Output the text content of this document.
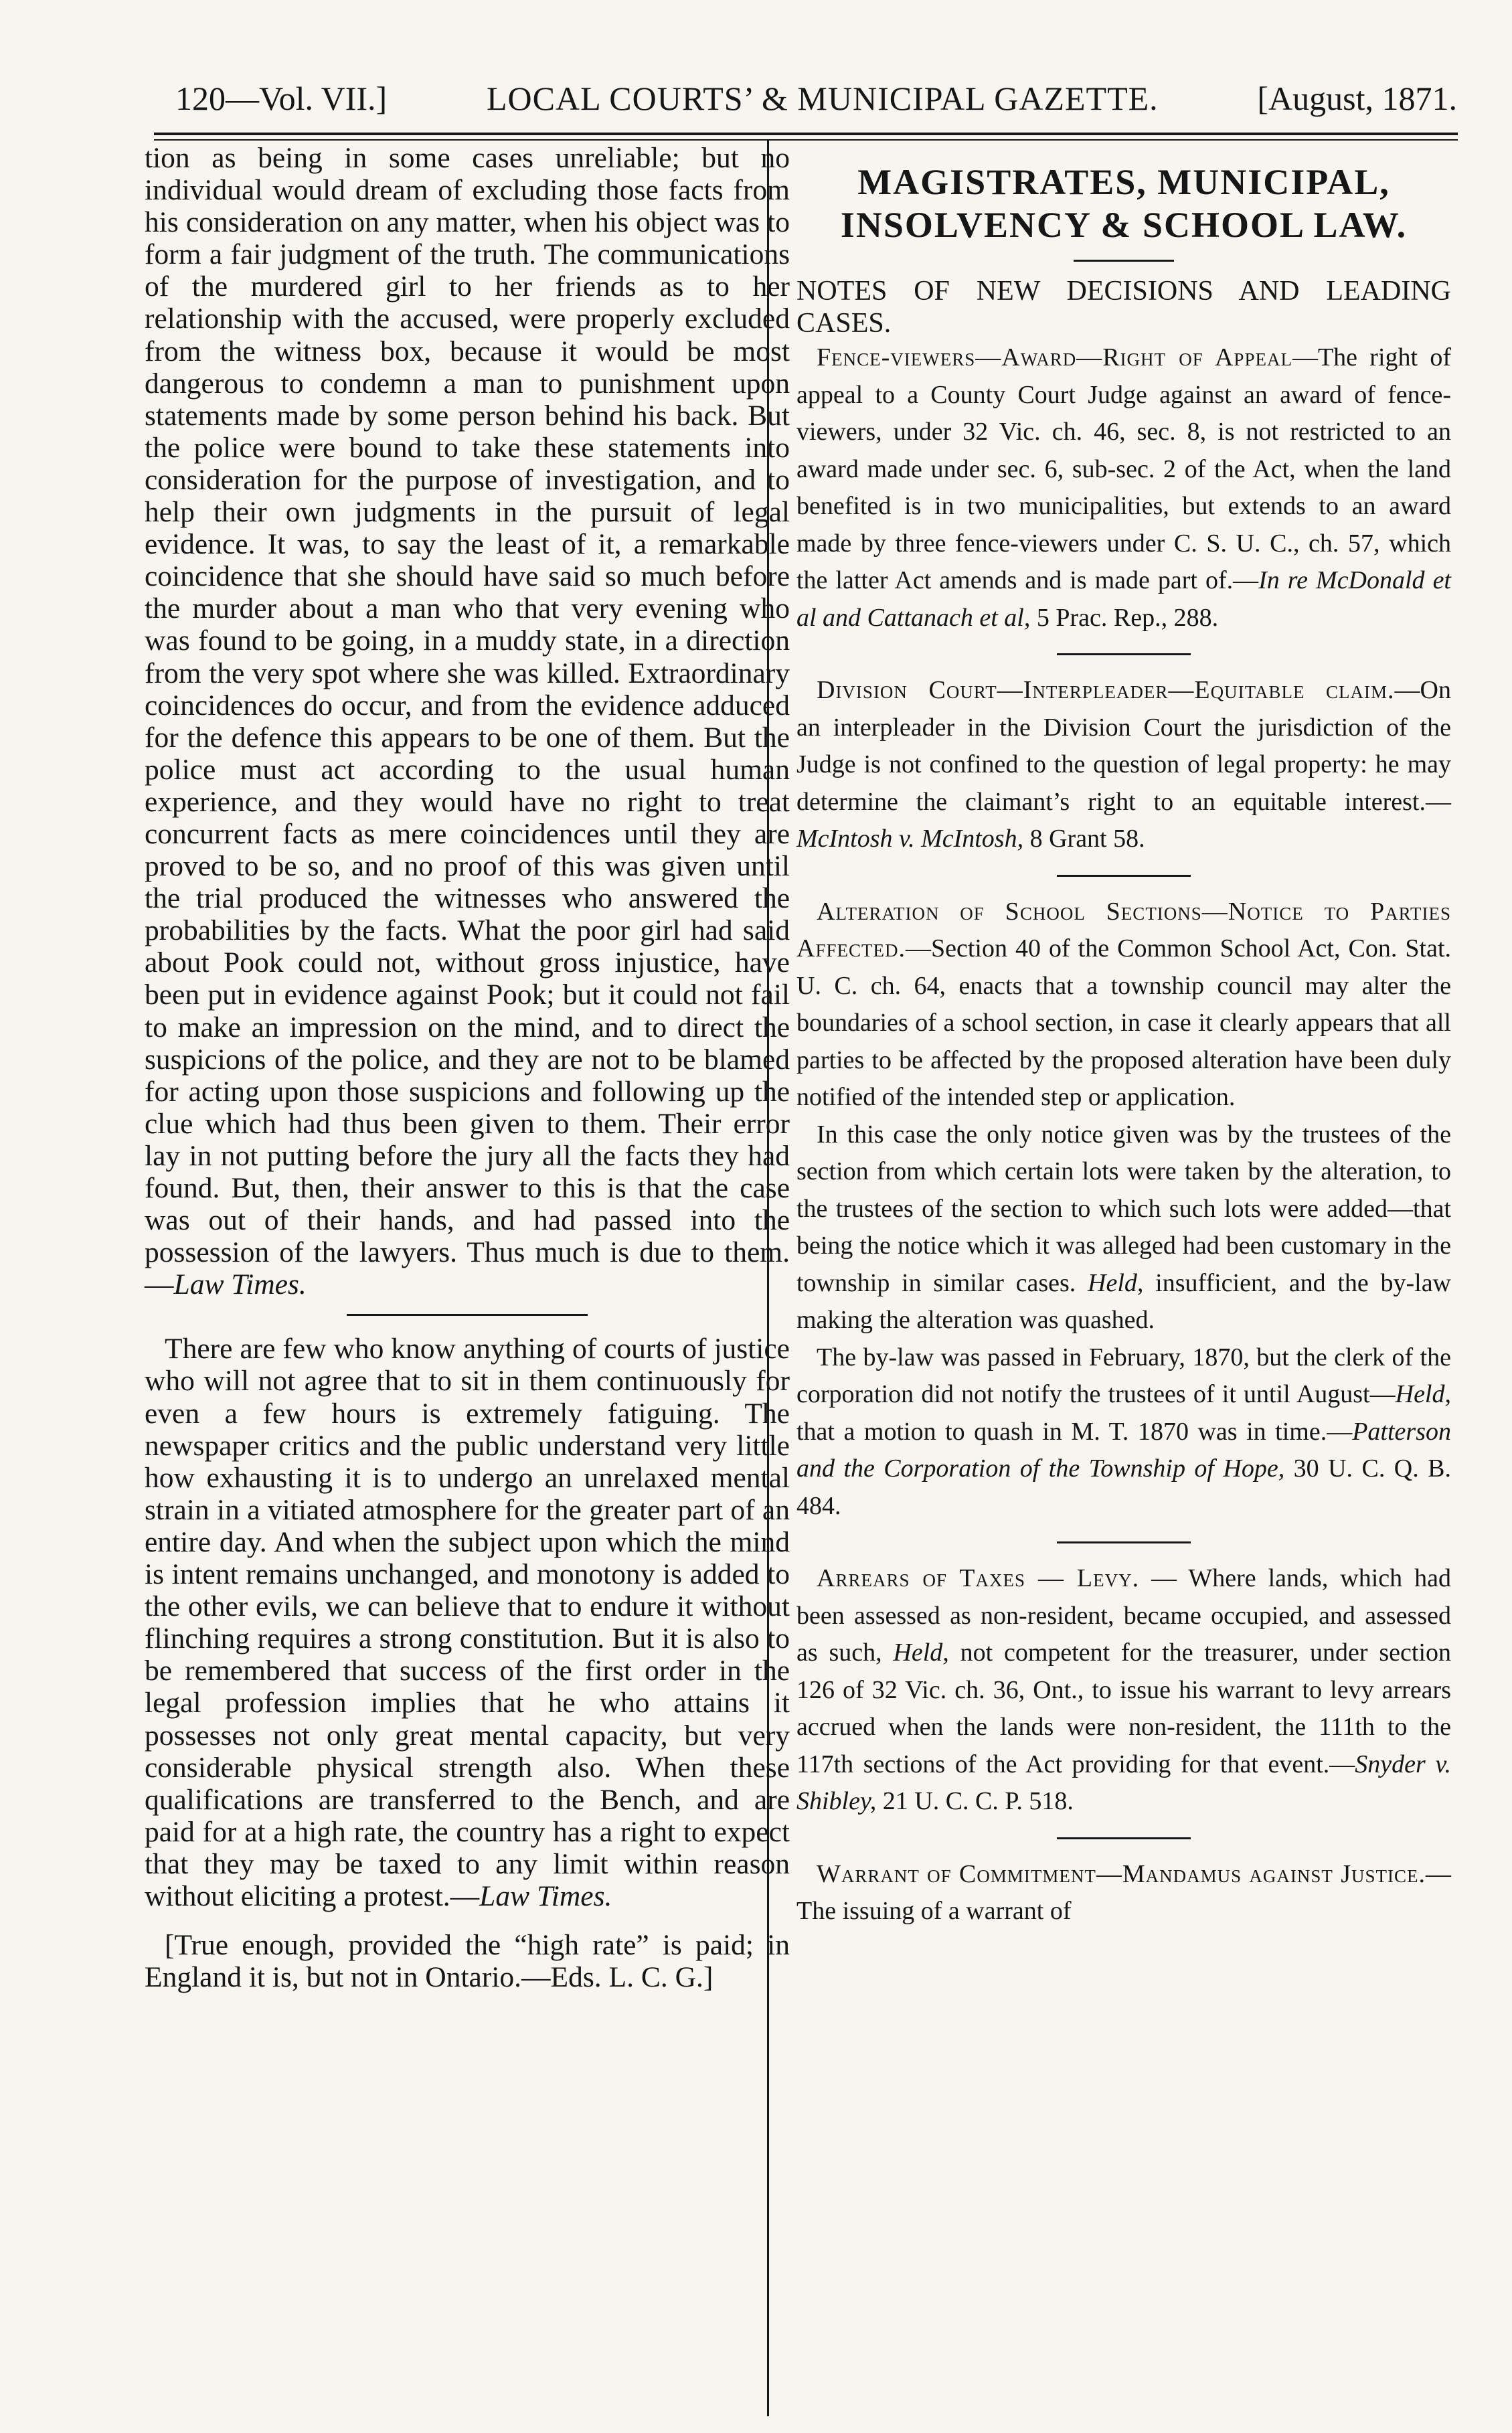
120—Vol. VII.]	LOCAL COURTS’ & MUNICIPAL GAZETTE.	[August, 1871.

tion as being in some cases unreliable; but no individual would dream of excluding those facts from his consideration on any matter, when his object was to form a fair judgment of the truth. The communications of the murdered girl to her friends as to her relationship with the accused, were properly excluded from the witness box, because it would be most dangerous to condemn a man to punishment upon statements made by some person behind his back. But the police were bound to take these statements into consideration for the purpose of investigation, and to help their own judgments in the pursuit of legal evidence. It was, to say the least of it, a remarkable coincidence that she should have said so much before the murder about a man who that very evening who was found to be going, in a muddy state, in a direction from the very spot where she was killed. Extraordinary coincidences do occur, and from the evidence adduced for the defence this appears to be one of them. But the police must act according to the usual human experience, and they would have no right to treat concurrent facts as mere coincidences until they are proved to be so, and no proof of this was given until the trial produced the witnesses who answered the probabilities by the facts. What the poor girl had said about Pook could not, without gross injustice, have been put in evidence against Pook; but it could not fail to make an impression on the mind, and to direct the suspicions of the police, and they are not to be blamed for acting upon those suspicions and following up the clue which had thus been given to them. Their error lay in not putting before the jury all the facts they had found. But, then, their answer to this is that the case was out of their hands, and had passed into the possession of the lawyers. Thus much is due to them.—Law Times.

There are few who know anything of courts of justice who will not agree that to sit in them continuously for even a few hours is extremely fatiguing. The newspaper critics and the public understand very little how exhausting it is to undergo an unrelaxed mental strain in a vitiated atmosphere for the greater part of an entire day. And when the subject upon which the mind is intent remains unchanged, and monotony is added to the other evils, we can believe that to endure it without flinching requires a strong constitution. But it is also to be remembered that success of the first order in the legal profession implies that he who attains it possesses not only great mental capacity, but very considerable physical strength also. When these qualifications are transferred to the Bench, and are paid for at a high rate, the country has a right to expect that they may be taxed to any limit within reason without eliciting a protest.—Law Times.

[True enough, provided the “high rate” is paid; in England it is, but not in Ontario.—Eds. L. C. G.]

MAGISTRATES, MUNICIPAL, INSOLVENCY & SCHOOL LAW.

NOTES OF NEW DECISIONS AND LEADING CASES.

Fence-viewers—Award—Right of Appeal—The right of appeal to a County Court Judge against an award of fence-viewers, under 32 Vic. ch. 46, sec. 8, is not restricted to an award made under sec. 6, sub-sec. 2 of the Act, when the land benefited is in two municipalities, but extends to an award made by three fence-viewers under C. S. U. C., ch. 57, which the latter Act amends and is made part of.—In re McDonald et al and Cattanach et al, 5 Prac. Rep., 288.

Division Court—Interpleader—Equitable claim.—On an interpleader in the Division Court the jurisdiction of the Judge is not confined to the question of legal property: he may determine the claimant’s right to an equitable interest.—McIntosh v. McIntosh, 8 Grant 58.

Alteration of School Sections—Notice to Parties Affected.—Section 40 of the Common School Act, Con. Stat. U. C. ch. 64, enacts that a township council may alter the boundaries of a school section, in case it clearly appears that all parties to be affected by the proposed alteration have been duly notified of the intended step or application.

In this case the only notice given was by the trustees of the section from which certain lots were taken by the alteration, to the trustees of the section to which such lots were added—that being the notice which it was alleged had been customary in the township in similar cases. Held, insufficient, and the by-law making the alteration was quashed.

The by-law was passed in February, 1870, but the clerk of the corporation did not notify the trustees of it until August—Held, that a motion to quash in M. T. 1870 was in time.—Patterson and the Corporation of the Township of Hope, 30 U. C. Q. B. 484.

Arrears of Taxes — Levy. — Where lands, which had been assessed as non-resident, became occupied, and assessed as such, Held, not competent for the treasurer, under section 126 of 32 Vic. ch. 36, Ont., to issue his warrant to levy arrears accrued when the lands were non-resident, the 111th to the 117th sections of the Act providing for that event.—Snyder v. Shibley, 21 U. C. C. P. 518.

Warrant of Commitment—Mandamus against Justice.—The issuing of a warrant of
